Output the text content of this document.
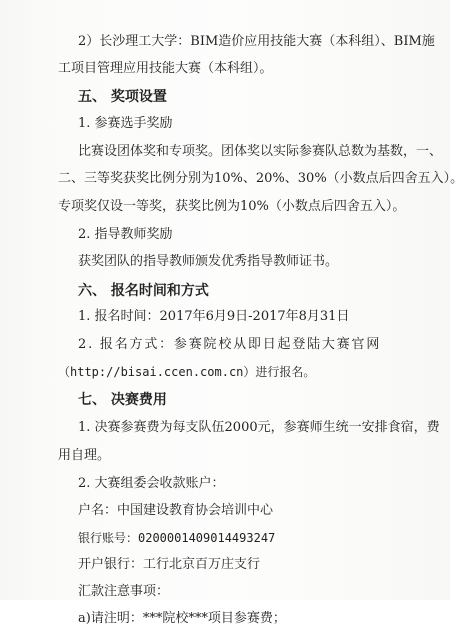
2）长沙理工大学：BIM造价应用技能大赛（本科组）、BIM施
工项目管理应用技能大赛（本科组）。
五、 奖项设置
1. 参赛选手奖励
比赛设团体奖和专项奖。团体奖以实际参赛队总数为基数，一、
二、三等奖获奖比例分别为10%、20%、30%（小数点后四舍五入）。
专项奖仅设一等奖，获奖比例为10%（小数点后四舍五入）。
2. 指导教师奖励
获奖团队的指导教师颁发优秀指导教师证书。
六、 报名时间和方式
1. 报名时间：2017年6月9日-2017年8月31日
2. 报名方式：参赛院校从即日起登陆大赛官网
（http://bisai.ccen.com.cn）进行报名。
七、 决赛费用
1. 决赛参赛费为每支队伍2000元，参赛师生统一安排食宿，费
用自理。
2. 大赛组委会收款账户：
户名：中国建设教育协会培训中心
银行账号：0200001409014493247
开户银行：工行北京百万庄支行
汇款注意事项：
a)请注明：***院校***项目参赛费；
